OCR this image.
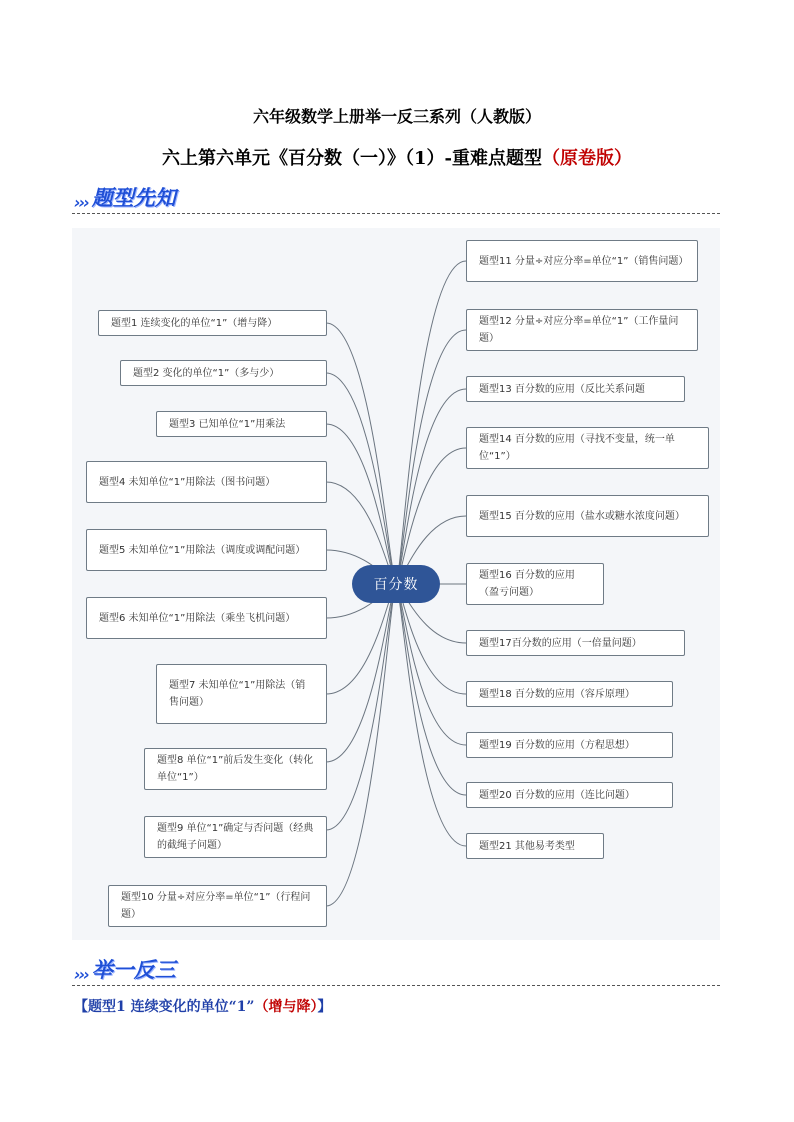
六年级数学上册举一反三系列（人教版）
六上第六单元《百分数（一）》（1）-重难点题型（原卷版）
››› 题型先知
题型1 连续变化的单位“1”（增与降）
题型2 变化的单位“1”（多与少）
题型3 已知单位“1”用乘法
题型4 未知单位“1”用除法（图书问题）
题型5 未知单位“1”用除法（调度或调配问题）
题型6 未知单位“1”用除法（乘坐飞机问题）
题型7 未知单位“1”用除法（销售问题）
题型8 单位“1”前后发生变化（转化单位“1”）
题型9 单位“1”确定与否问题（经典的截绳子问题）
题型10 分量÷对应分率=单位“1”（行程问题）
题型11 分量÷对应分率=单位“1”（销售问题）
题型12 分量÷对应分率=单位“1”（工作量问题）
题型13 百分数的应用（反比关系问题
题型14 百分数的应用（寻找不变量，统一单位“1”）
题型15 百分数的应用（盐水或糖水浓度问题）
题型16 百分数的应用（盈亏问题）
题型17百分数的应用（一倍量问题）
题型18 百分数的应用（容斥原理）
题型19 百分数的应用（方程思想）
题型20 百分数的应用（连比问题）
题型21 其他易考类型
百分数
››› 举一反三
【题型1 连续变化的单位“1”（增与降）】
